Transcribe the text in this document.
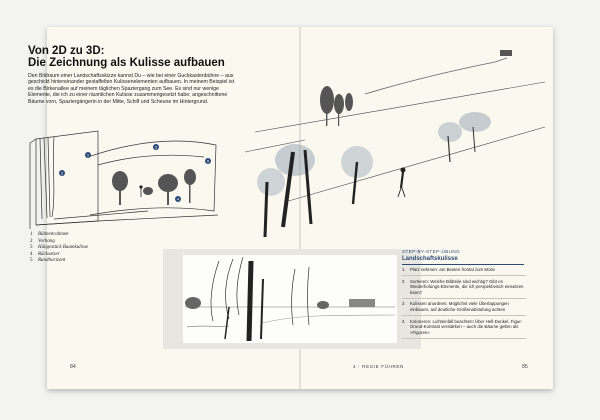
Von 2D zu 3D:
Die Zeichnung als Kulisse aufbauen

Den Bildraum einer Landschaftsskizze kannst Du – wie bei einer Guckkastenbühne – aus geschickt hintereinander gestaffelten Kulissenelementen aufbauen. In meinem Beispiel ist es die Birkenallee auf meinem täglichen Spaziergang zum See. Es sind nur wenige Elemente, die ich zu einer räumlichen Kulisse zusammengesetzt habe: angeschnittene Bäume vorn, Spaziergängerin in der Mitte, Schilf und Scheune im Hintergrund.

1
2
3
4
5
1 Bühnenrahmen
2 Vorhang
3 Hängestück Baumkulisse
4 Rücksetzer
5 Rundhorizont

STEP-BY-STEP-ÜBUNG

Landschaftskulisse

1	Platz nehmen: am Besten frontal zum Motiv
2	Sortieren: Welche Bildteile sind wichtig? Gibt es Wiederholungs-Elemente, die ich perspektivisch einsetzen kann?
3	Kulissen anordnen: Möglichst viele Überlappungen einbauen, auf deutliche Größenabstufung achten
4	Kolorieren: Lichteinfall beachten! Über Hell-Dunkel, Figur-Grund-Kontrast verstärken – auch die Bäume gelten als »Figuren«

84	4 · REGIE FÜHREN	85
